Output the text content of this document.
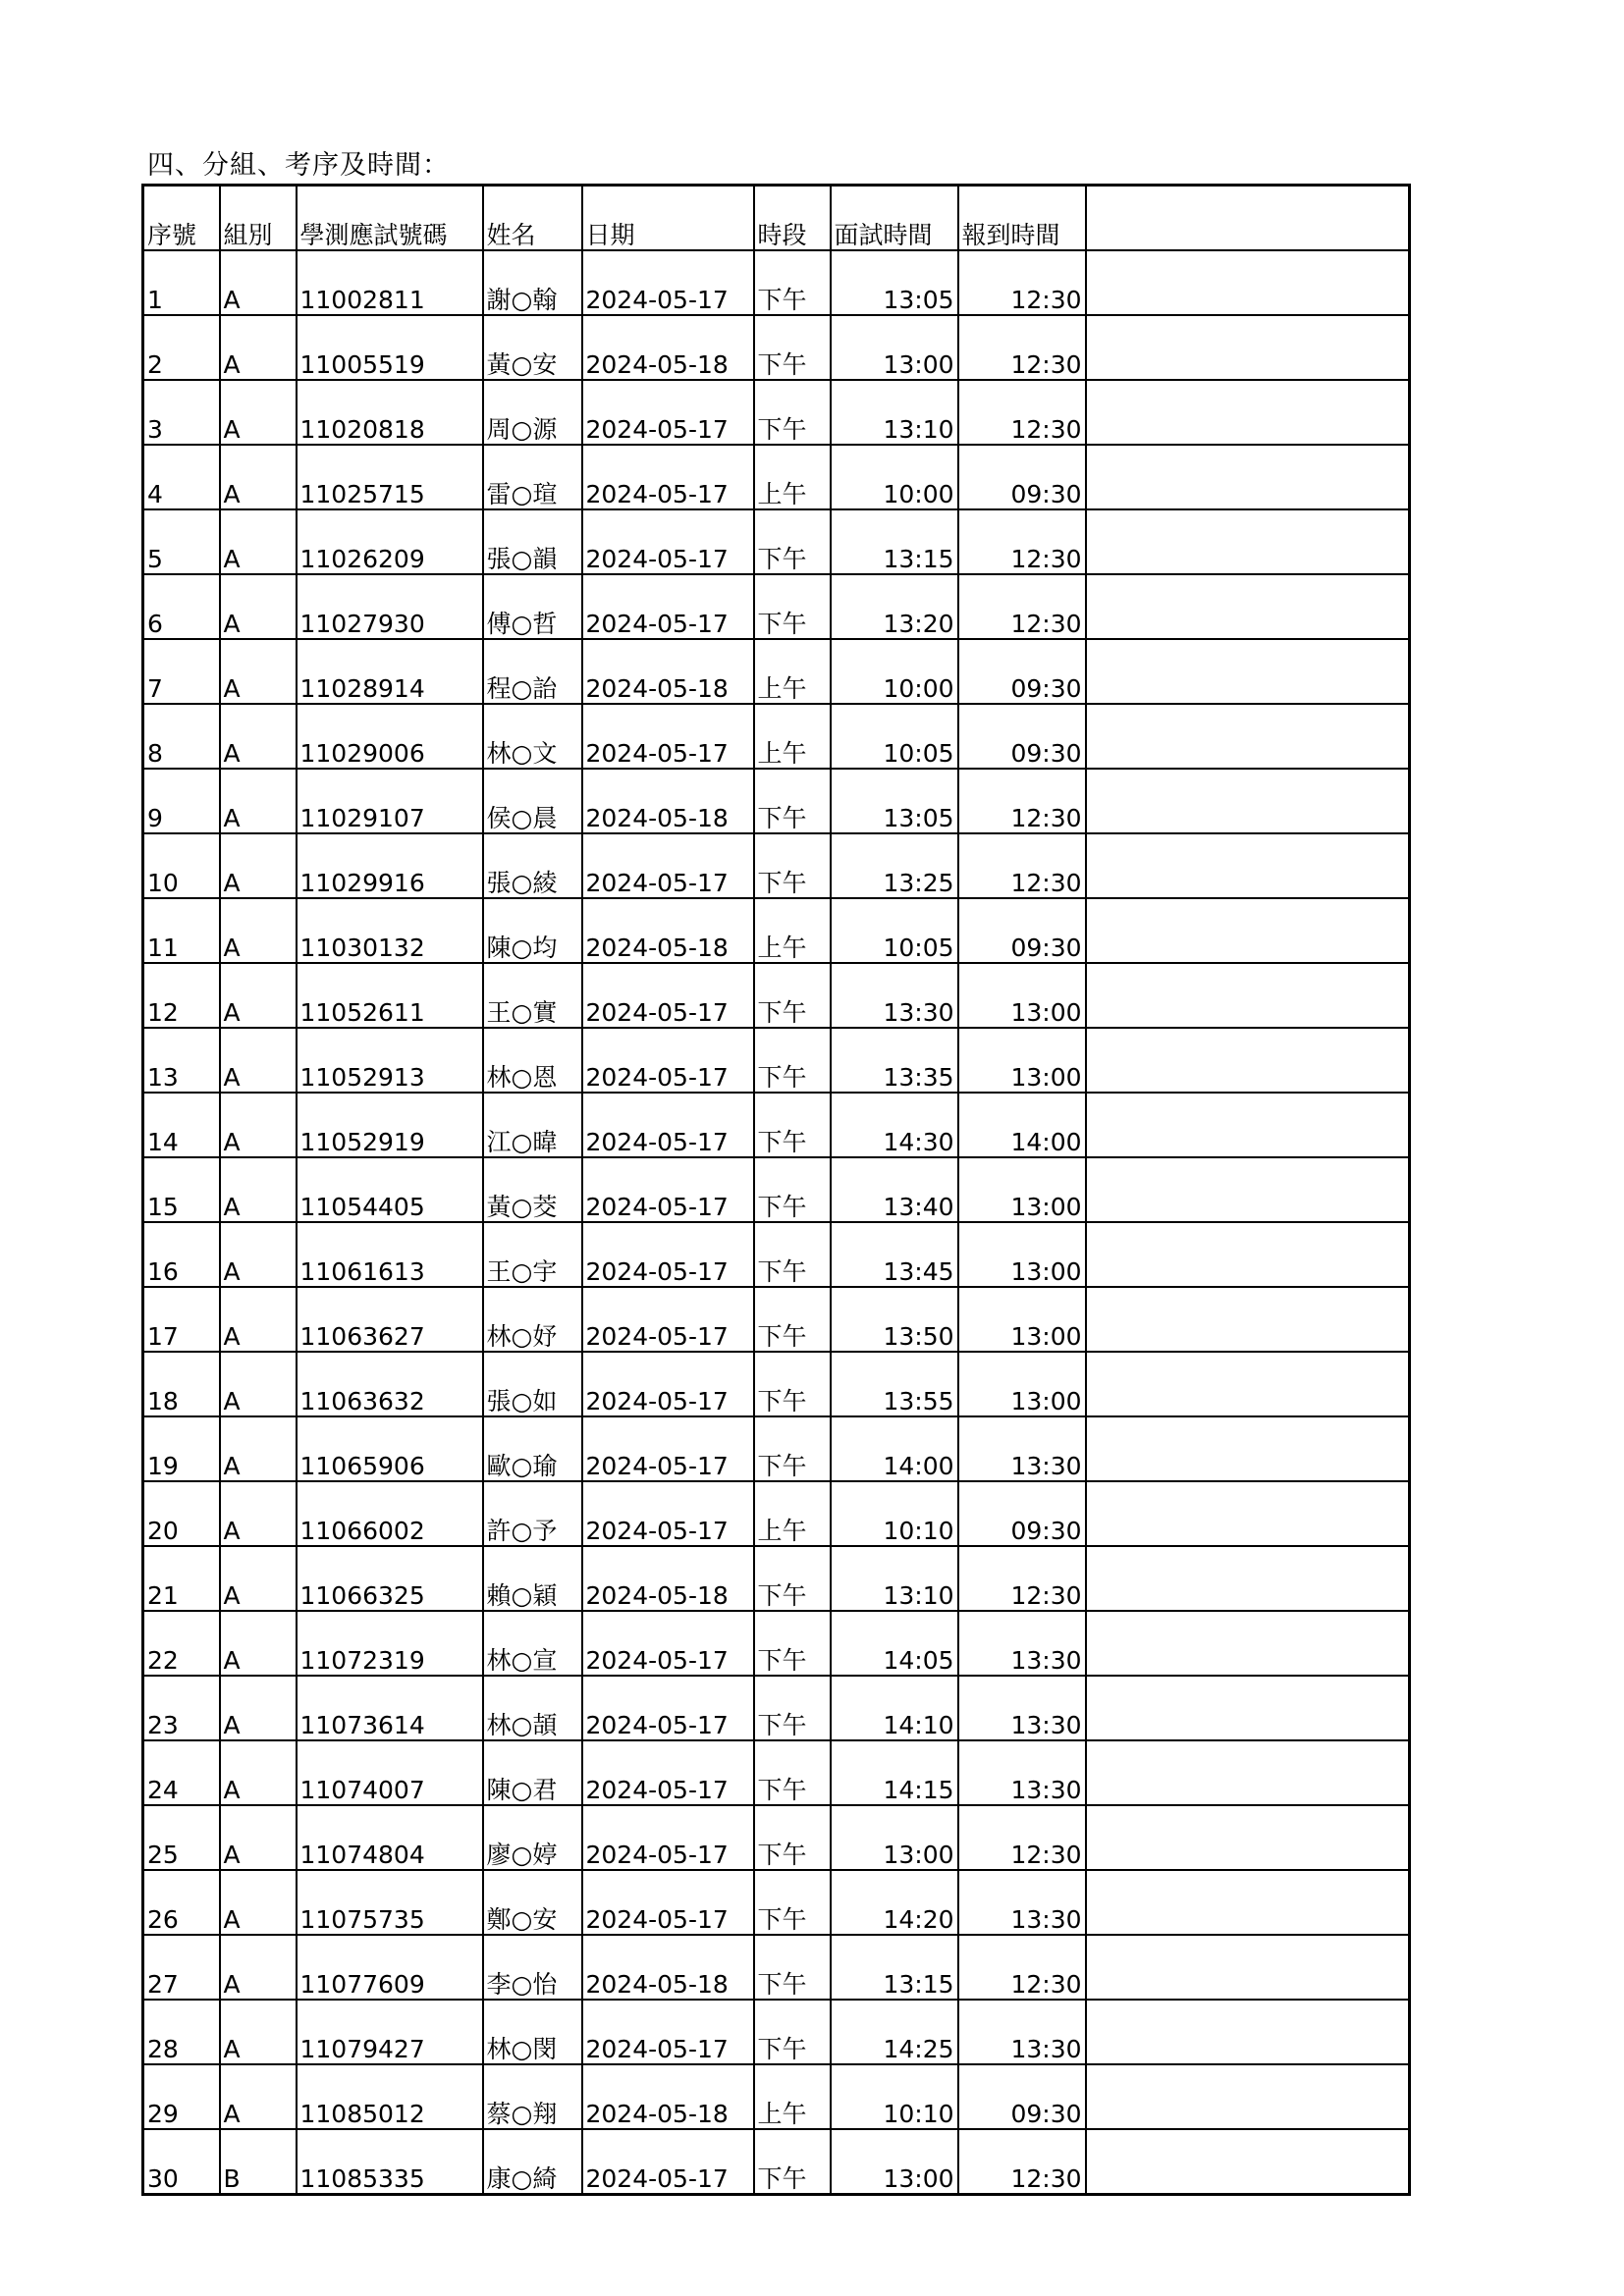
四、分組、考序及時間：
序號	組別	學測應試號碼	姓名	日期	時段	面試時間	報到時間	
1	A	11002811	謝○翰	2024-05-17	下午	13:05	12:30	
2	A	11005519	黃○安	2024-05-18	下午	13:00	12:30	
3	A	11020818	周○源	2024-05-17	下午	13:10	12:30	
4	A	11025715	雷○瑄	2024-05-17	上午	10:00	09:30	
5	A	11026209	張○韻	2024-05-17	下午	13:15	12:30	
6	A	11027930	傅○哲	2024-05-17	下午	13:20	12:30	
7	A	11028914	程○詒	2024-05-18	上午	10:00	09:30	
8	A	11029006	林○文	2024-05-17	上午	10:05	09:30	
9	A	11029107	侯○晨	2024-05-18	下午	13:05	12:30	
10	A	11029916	張○綾	2024-05-17	下午	13:25	12:30	
11	A	11030132	陳○均	2024-05-18	上午	10:05	09:30	
12	A	11052611	王○實	2024-05-17	下午	13:30	13:00	
13	A	11052913	林○恩	2024-05-17	下午	13:35	13:00	
14	A	11052919	江○暐	2024-05-17	下午	14:30	14:00	
15	A	11054405	黃○茭	2024-05-17	下午	13:40	13:00	
16	A	11061613	王○宇	2024-05-17	下午	13:45	13:00	
17	A	11063627	林○妤	2024-05-17	下午	13:50	13:00	
18	A	11063632	張○如	2024-05-17	下午	13:55	13:00	
19	A	11065906	歐○瑜	2024-05-17	下午	14:00	13:30	
20	A	11066002	許○予	2024-05-17	上午	10:10	09:30	
21	A	11066325	賴○穎	2024-05-18	下午	13:10	12:30	
22	A	11072319	林○宣	2024-05-17	下午	14:05	13:30	
23	A	11073614	林○頡	2024-05-17	下午	14:10	13:30	
24	A	11074007	陳○君	2024-05-17	下午	14:15	13:30	
25	A	11074804	廖○婷	2024-05-17	下午	13:00	12:30	
26	A	11075735	鄭○安	2024-05-17	下午	14:20	13:30	
27	A	11077609	李○怡	2024-05-18	下午	13:15	12:30	
28	A	11079427	林○閔	2024-05-17	下午	14:25	13:30	
29	A	11085012	蔡○翔	2024-05-18	上午	10:10	09:30	
30	B	11085335	康○綺	2024-05-17	下午	13:00	12:30	
